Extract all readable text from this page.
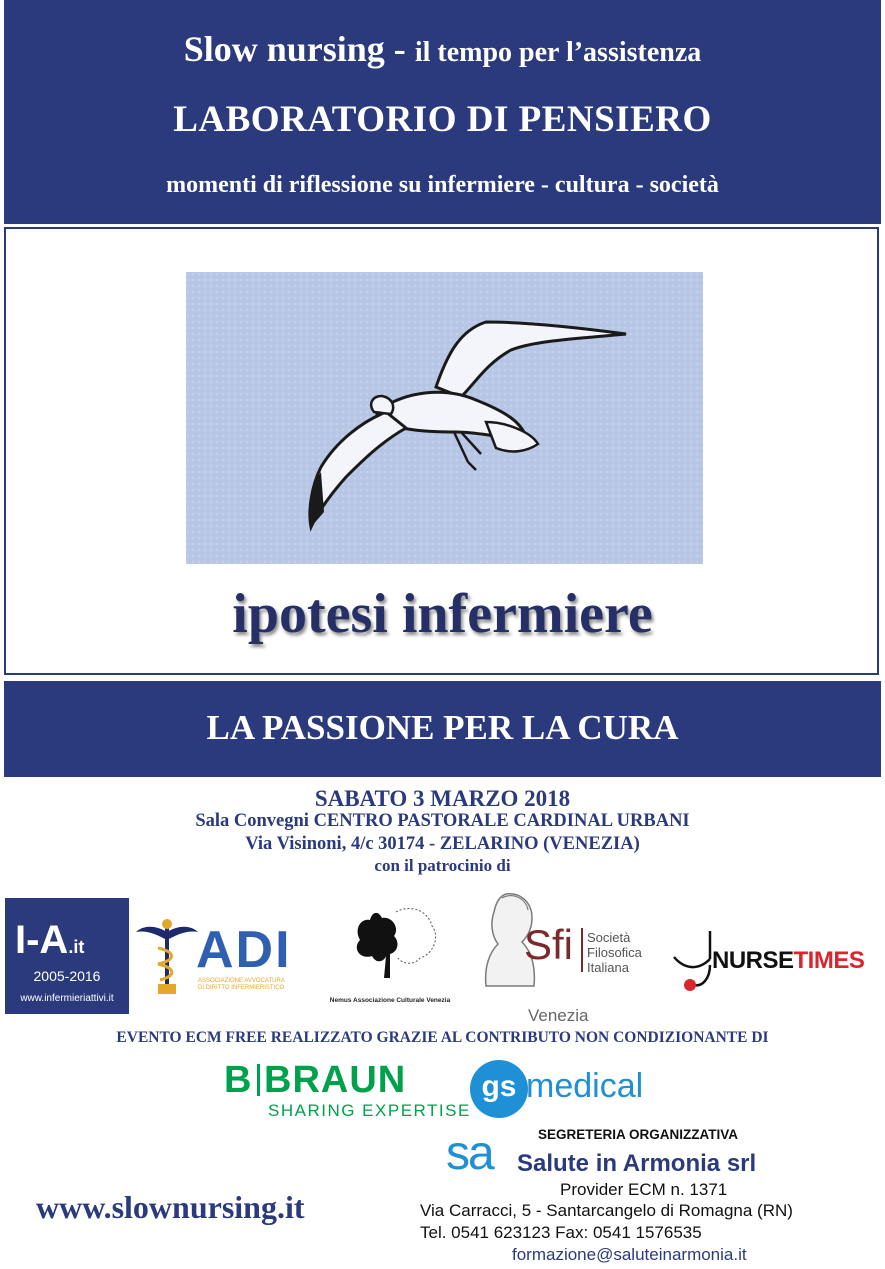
Slow nursing - il tempo per l’assistenza
LABORATORIO DI PENSIERO
momenti di riflessione su infermiere - cultura - società
ipotesi infermiere
LA PASSIONE PER LA CURA
SABATO 3 MARZO 2018
Sala Convegni CENTRO PASTORALE CARDINAL URBANI
Via Visinoni, 4/c 30174 - ZELARINO (VENEZIA)
con il patrocinio di
I-A.it
2005-2016
www.infermieriattivi.it
ADI
ASSOCIAZIONE AVVOCATURA
DI DIRITTO INFERMIERISTICO
Nemus Associazione Culturale Venezia
Sfi Società
Filosofica
Italiana
Venezia
NURSETIMES
EVENTO ECM FREE REALIZZATO GRAZIE AL CONTRIBUTO NON CONDIZIONANTE DI
B BRAUN
SHARING EXPERTISE
gs medical
www.slownursing.it
SEGRETERIA ORGANIZZATIVA
sa Salute in Armonia srl
Provider ECM n. 1371
Via Carracci, 5 - Santarcangelo di Romagna (RN)
Tel. 0541 623123 Fax: 0541 1576535
formazione@saluteinarmonia.it
